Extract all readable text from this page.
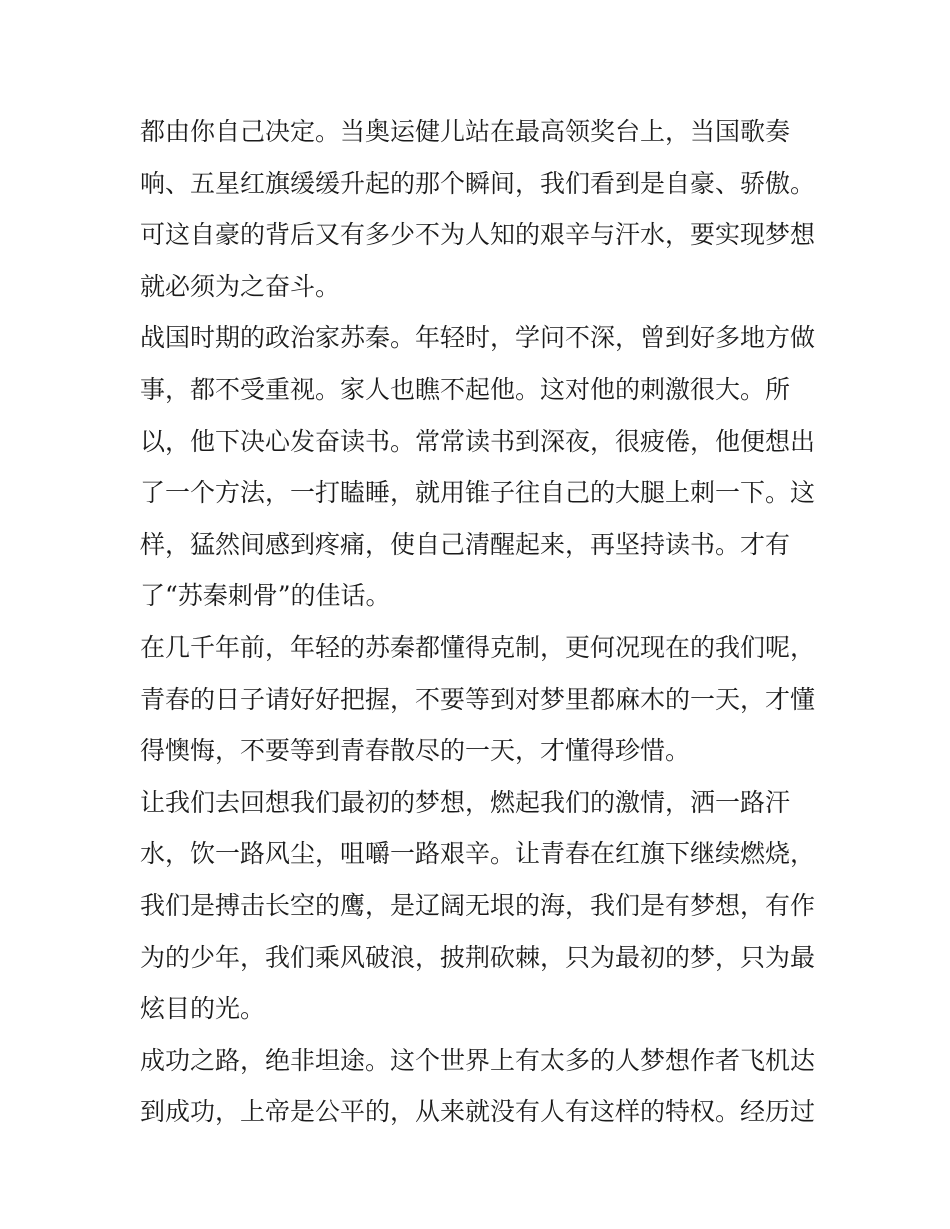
都由你自己决定。当奥运健儿站在最高领奖台上，当国歌奏
响、五星红旗缓缓升起的那个瞬间，我们看到是自豪、骄傲。
可这自豪的背后又有多少不为人知的艰辛与汗水，要实现梦想
就必须为之奋斗。
战国时期的政治家苏秦。年轻时，学问不深，曾到好多地方做
事，都不受重视。家人也瞧不起他。这对他的刺激很大。所
以，他下决心发奋读书。常常读书到深夜，很疲倦，他便想出
了一个方法，一打瞌睡，就用锥子往自己的大腿上刺一下。这
样，猛然间感到疼痛，使自己清醒起来，再坚持读书。才有
了“苏秦刺骨”的佳话。
在几千年前，年轻的苏秦都懂得克制，更何况现在的我们呢，
青春的日子请好好把握，不要等到对梦里都麻木的一天，才懂
得懊悔，不要等到青春散尽的一天，才懂得珍惜。
让我们去回想我们最初的梦想，燃起我们的激情，洒一路汗
水，饮一路风尘，咀嚼一路艰辛。让青春在红旗下继续燃烧，
我们是搏击长空的鹰，是辽阔无垠的海，我们是有梦想，有作
为的少年，我们乘风破浪，披荆砍棘，只为最初的梦，只为最
炫目的光。
成功之路，绝非坦途。这个世界上有太多的人梦想作者飞机达
到成功，上帝是公平的，从来就没有人有这样的特权。经历过
